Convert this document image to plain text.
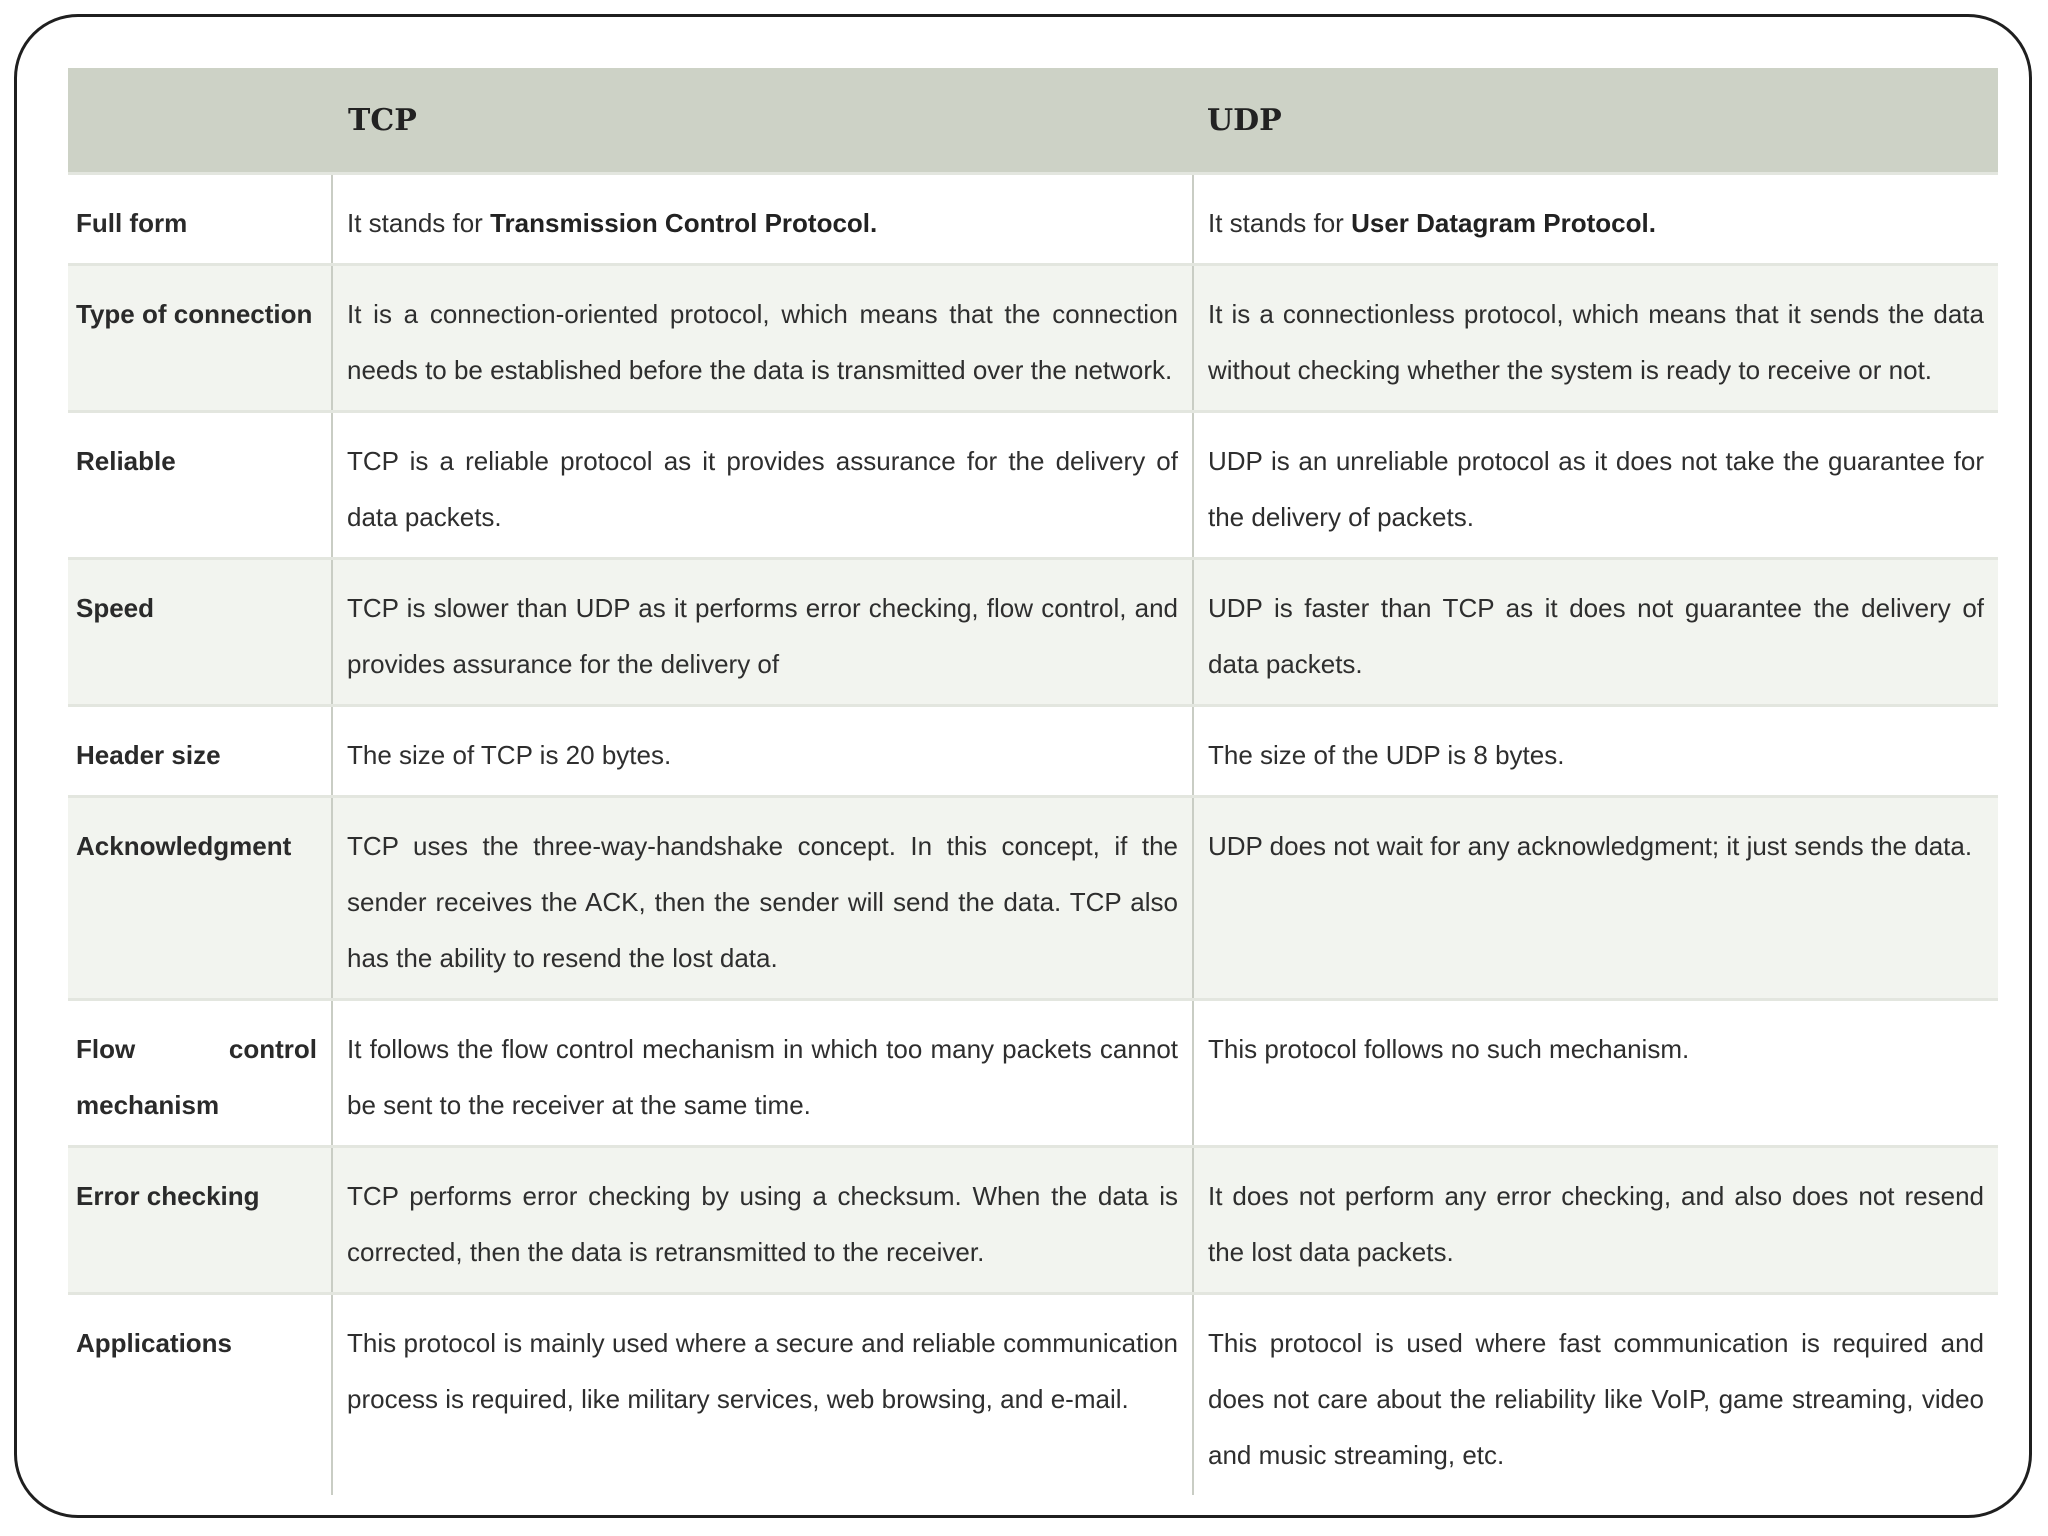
	TCP	UDP
Full form	It stands for Transmission Control Protocol.	It stands for User Datagram Protocol.
Type of connection	It is a connection-oriented protocol, which means that the connection needs to be established before the data is transmitted over the network.	It is a connectionless protocol, which means that it sends the data without checking whether the system is ready to receive or not.
Reliable	TCP is a reliable protocol as it provides assurance for the delivery of data packets.	UDP is an unreliable protocol as it does not take the guarantee for the delivery of packets.
Speed	TCP is slower than UDP as it performs error checking, flow control, and provides assurance for the delivery of	UDP is faster than TCP as it does not guarantee the delivery of data packets.
Header size	The size of TCP is 20 bytes.	The size of the UDP is 8 bytes.
Acknowledgment	TCP uses the three-way-handshake concept. In this concept, if the sender receives the ACK, then the sender will send the data. TCP also has the ability to resend the lost data.	UDP does not wait for any acknowledgment; it just sends the data.
Flow control mechanism	It follows the flow control mechanism in which too many packets cannot be sent to the receiver at the same time.	This protocol follows no such mechanism.
Error checking	TCP performs error checking by using a checksum. When the data is corrected, then the data is retransmitted to the receiver.	It does not perform any error checking, and also does not resend the lost data packets.
Applications	This protocol is mainly used where a secure and reliable communication process is required, like military services, web browsing, and e-mail.	This protocol is used where fast communication is required and does not care about the reliability like VoIP, game streaming, video and music streaming, etc.
